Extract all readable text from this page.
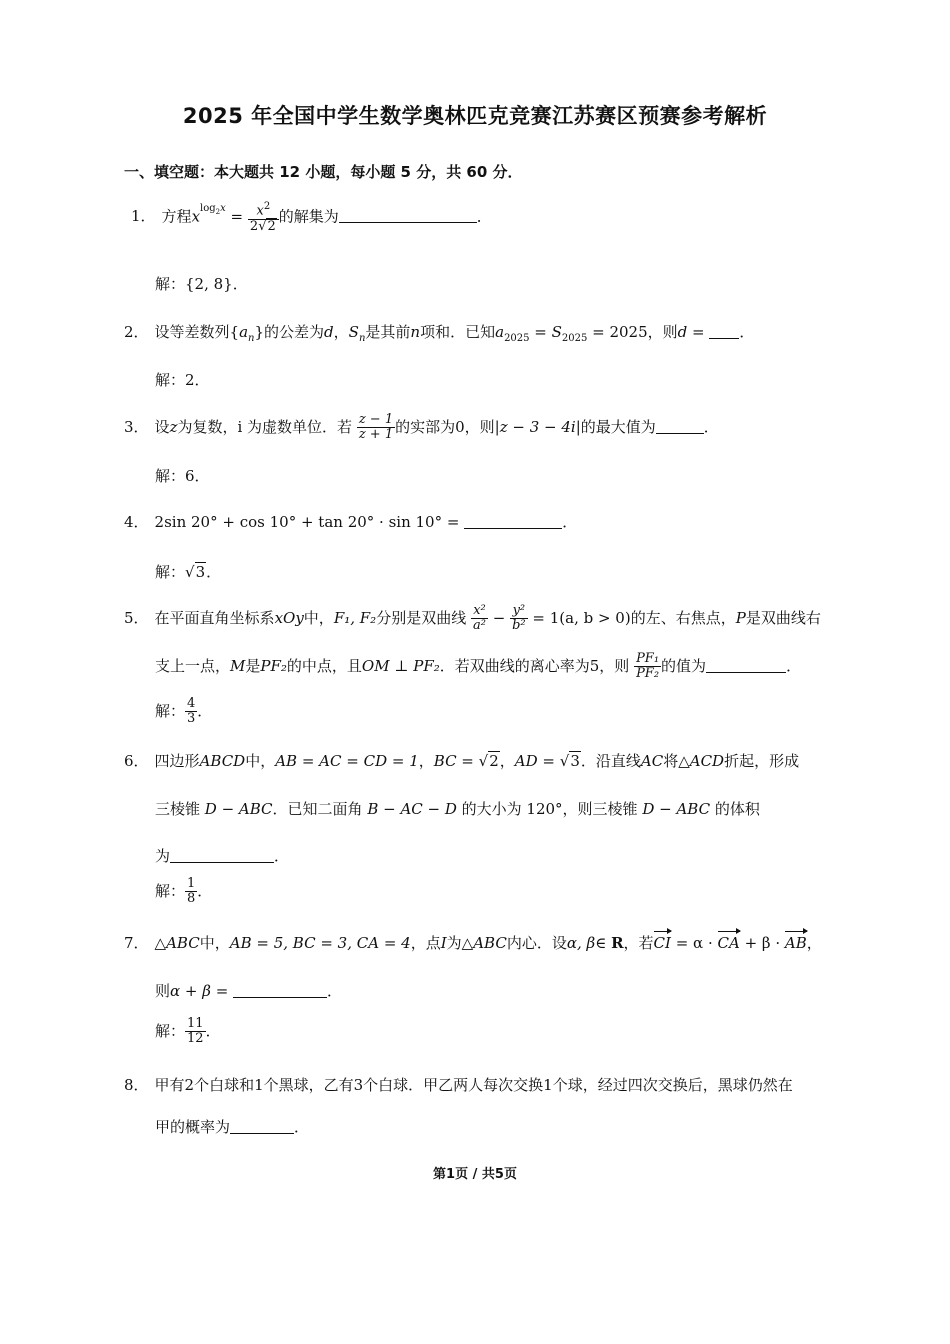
2025 年全国中学生数学奥林匹克竞赛江苏赛区预赛参考解析
一、填空题：本大题共 12 小题，每小题 5 分，共 60 分．
1． 方程$x^{log_2x} = \frac{x^2}{2√2}$ 的解集为	．
解：{2, 8}．
2． 设等差数列$\{a_n\}$的公差为d，$S_n$是其前n项和．已知$a_{2025} = S_{2025} = 2025$，则d = ．
解：2．
3． 设z为复数，i 为虚数单位．若 $\frac{z - 1}{z + 1}$ 的实部为0，则|z − 3 − 4i|的最大值为	．
解：6．
4． 2sin 20° + cos 10° + tan 20° · sin 10° =	．
解：√3．
5． 在平面直角坐标系xOy中，F₁, F₂分别是双曲线 $\frac{\text{x²}}{\text{a²}} - \frac{\text{y²}}{\text{b²}} = 1(a$, b > 0)的左、右焦点，P是双曲线右
支上一点，M是PF₂的中点，且OM ⊥ PF₂．若双曲线的离心率为5，则 $\frac{\text{PF₁}}{\text{PF₂}}$ 的值为	．
解： $\frac{4}{3}$ ．
6． 四边形ABCD中，AB = AC = CD = 1，BC = √2，AD = √3．沿直线AC将△ACD折起，形成
三棱锥 D − ABC．已知二面角 B − AC − D 的大小为 120°，则三棱锥 D − ABC 的体积
为	．
解： $\frac{1}{8}$ ．
7． △ABC中，AB = 5, BC = 3, CA = 4，点I为△ABC内心．设α, β∈ R，若CI = α · CA + β · AB，
则α + β =	．
解： $\frac{11}{12}$ ．
8． 甲有2个白球和1个黑球，乙有3个白球．甲乙两人每次交换1个球，经过四次交换后，黑球仍然在
甲的概率为	．
第1页 / 共5页
